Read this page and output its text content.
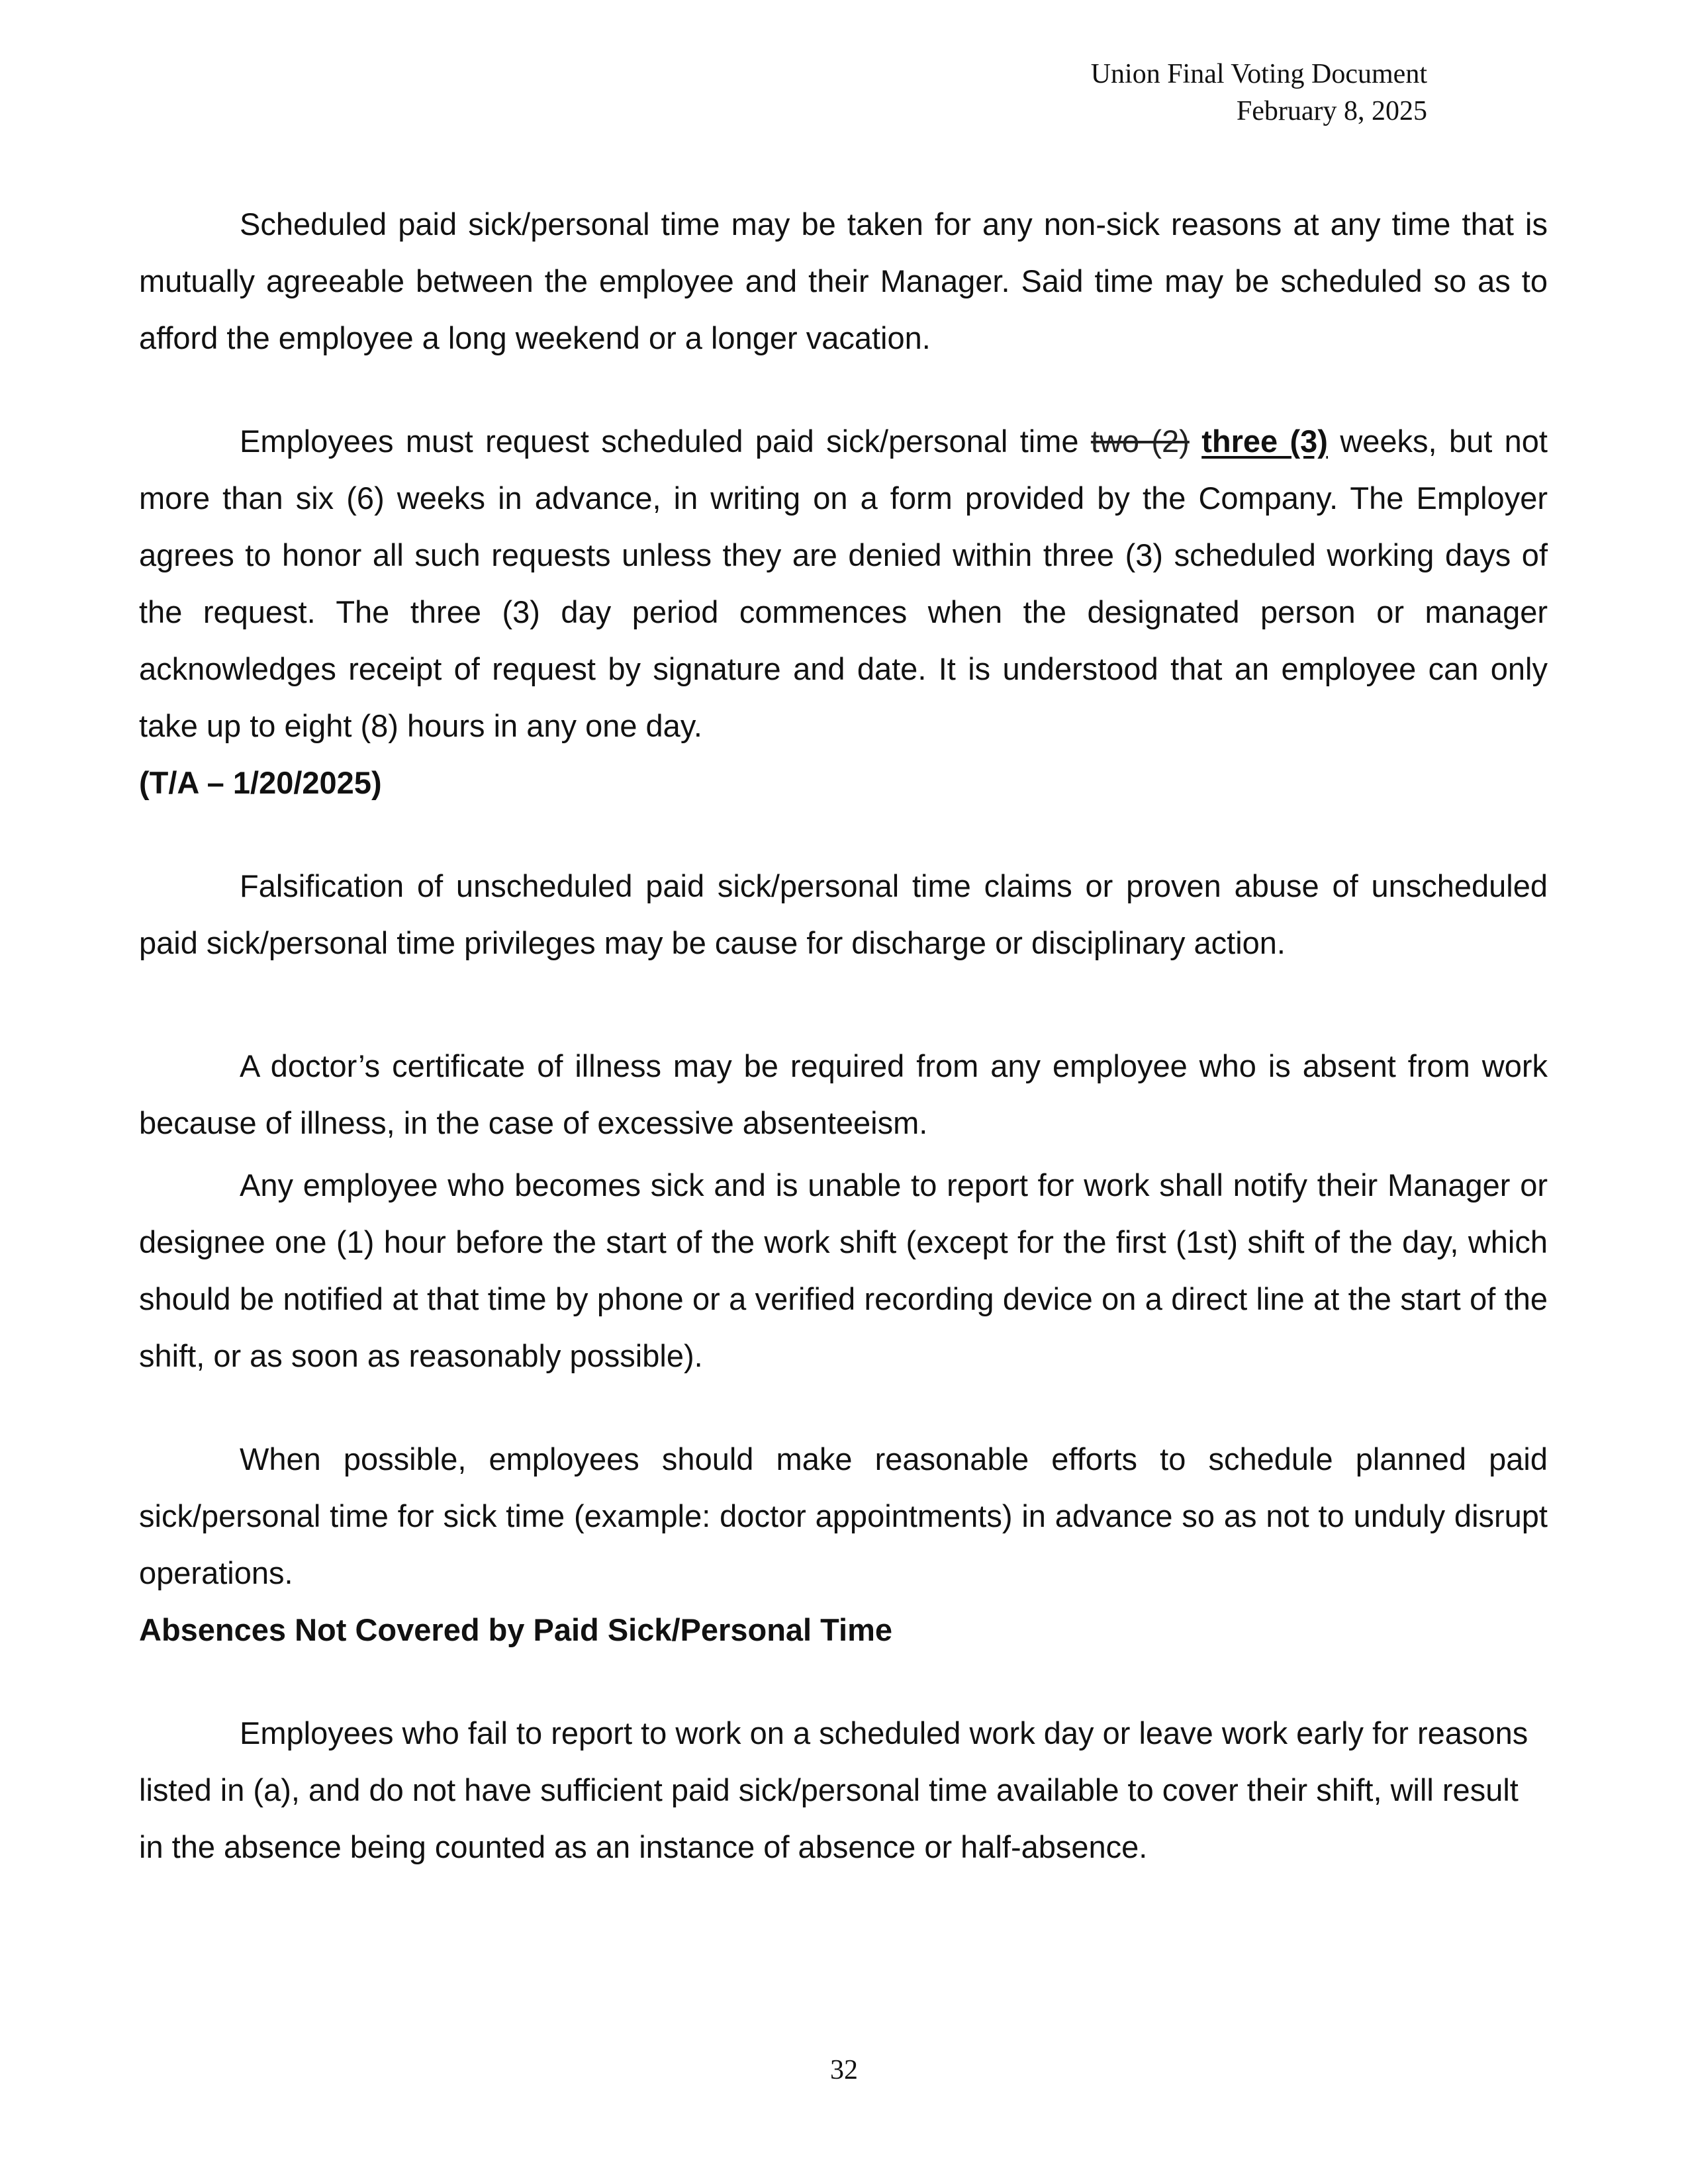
Union Final Voting Document
February 8, 2025

Scheduled paid sick/personal time may be taken for any non-sick reasons at any time that is mutually agreeable between the employee and their Manager. Said time may be scheduled so as to afford the employee a long weekend or a longer vacation.

Employees must request scheduled paid sick/personal time two (2) three (3) weeks, but not more than six (6) weeks in advance, in writing on a form provided by the Company. The Employer agrees to honor all such requests unless they are denied within three (3) scheduled working days of the request. The three (3) day period commences when the designated person or manager acknowledges receipt of request by signature and date. It is understood that an employee can only take up to eight (8) hours in any one day.

(T/A – 1/20/2025)

Falsification of unscheduled paid sick/personal time claims or proven abuse of unscheduled paid sick/personal time privileges may be cause for discharge or disciplinary action.

A doctor’s certificate of illness may be required from any employee who is absent from work because of illness, in the case of excessive absenteeism.

Any employee who becomes sick and is unable to report for work shall notify their Manager or designee one (1) hour before the start of the work shift (except for the first (1st) shift of the day, which should be notified at that time by phone or a verified recording device on a direct line at the start of the shift, or as soon as reasonably possible).

When possible, employees should make reasonable efforts to schedule planned paid sick/personal time for sick time (example: doctor appointments) in advance so as not to unduly disrupt operations.

Absences Not Covered by Paid Sick/Personal Time

Employees who fail to report to work on a scheduled work day or leave work early for reasons listed in (a), and do not have sufficient paid sick/personal time available to cover their shift, will result in the absence being counted as an instance of absence or half-absence.

32
